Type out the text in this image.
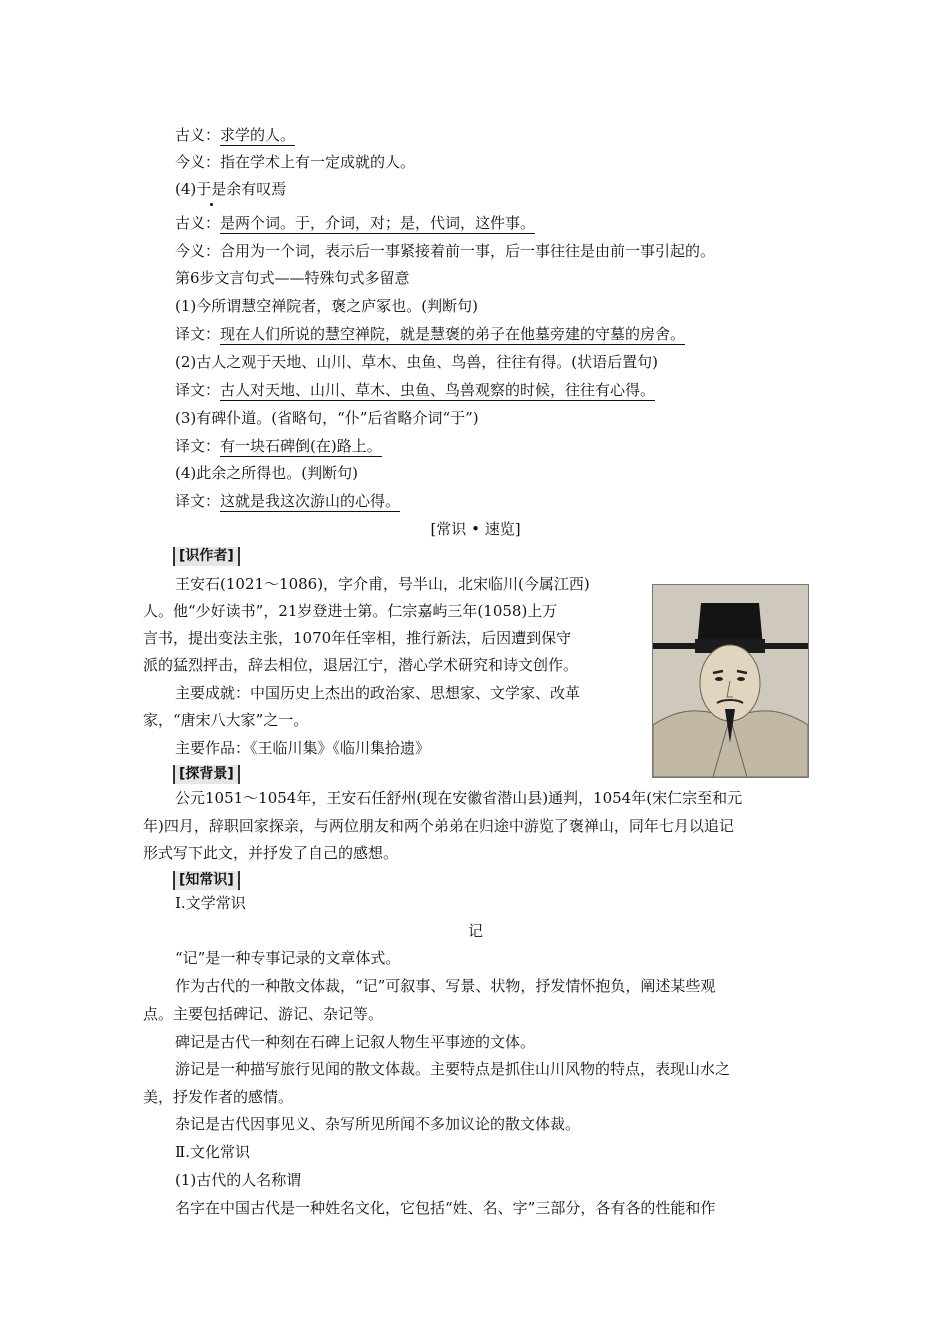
古义：求学的人。
今义：指在学术上有一定成就的人。
(4)于是余有叹焉
古义：是两个词。于，介词，对；是，代词，这件事。
今义：合用为一个词，表示后一事紧接着前一事，后一事往往是由前一事引起的。
第6步文言句式——特殊句式多留意
(1)今所谓慧空禅院者，褒之庐冢也。(判断句)
译文：现在人们所说的慧空禅院，就是慧褒的弟子在他墓旁建的守墓的房舍。
(2)古人之观于天地、山川、草木、虫鱼、鸟兽，往往有得。(状语后置句)
译文：古人对天地、山川、草木、虫鱼、鸟兽观察的时候，往往有心得。
(3)有碑仆道。(省略句，“仆”后省略介词“于”)
译文：有一块石碑倒(在)路上。
(4)此余之所得也。(判断句)
译文：这就是我这次游山的心得。
[常识 • 速览]
[识作者]
王安石(1021～1086)，字介甫，号半山，北宋临川(今属江西)
人。他“少好读书”，21岁登进士第。仁宗嘉屿三年(1058)上万
言书，提出变法主张，1070年任宰相，推行新法，后因遭到保守
派的猛烈抨击，辞去相位，退居江宁，潜心学术研究和诗文创作。
主要成就：中国历史上杰出的政治家、思想家、文学家、改革
家，“唐宋八大家”之一。
主要作品：《王临川集》《临川集拾遗》
[探背景]
公元1051～1054年，王安石任舒州(现在安徽省潜山县)通判，1054年(宋仁宗至和元
年)四月，辞职回家探亲，与两位朋友和两个弟弟在归途中游览了褒禅山，同年七月以追记
形式写下此文，并抒发了自己的感想。
[知常识]
Ⅰ.文学常识
记
“记”是一种专事记录的文章体式。
作为古代的一种散文体裁，“记”可叙事、写景、状物，抒发情怀抱负，阐述某些观
点。主要包括碑记、游记、杂记等。
碑记是古代一种刻在石碑上记叙人物生平事迹的文体。
游记是一种描写旅行见闻的散文体裁。主要特点是抓住山川风物的特点，表现山水之
美，抒发作者的感情。
杂记是古代因事见义、杂写所见所闻不多加议论的散文体裁。
Ⅱ.文化常识
(1)古代的人名称谓
名字在中国古代是一种姓名文化，它包括“姓、名、字”三部分，各有各的性能和作
